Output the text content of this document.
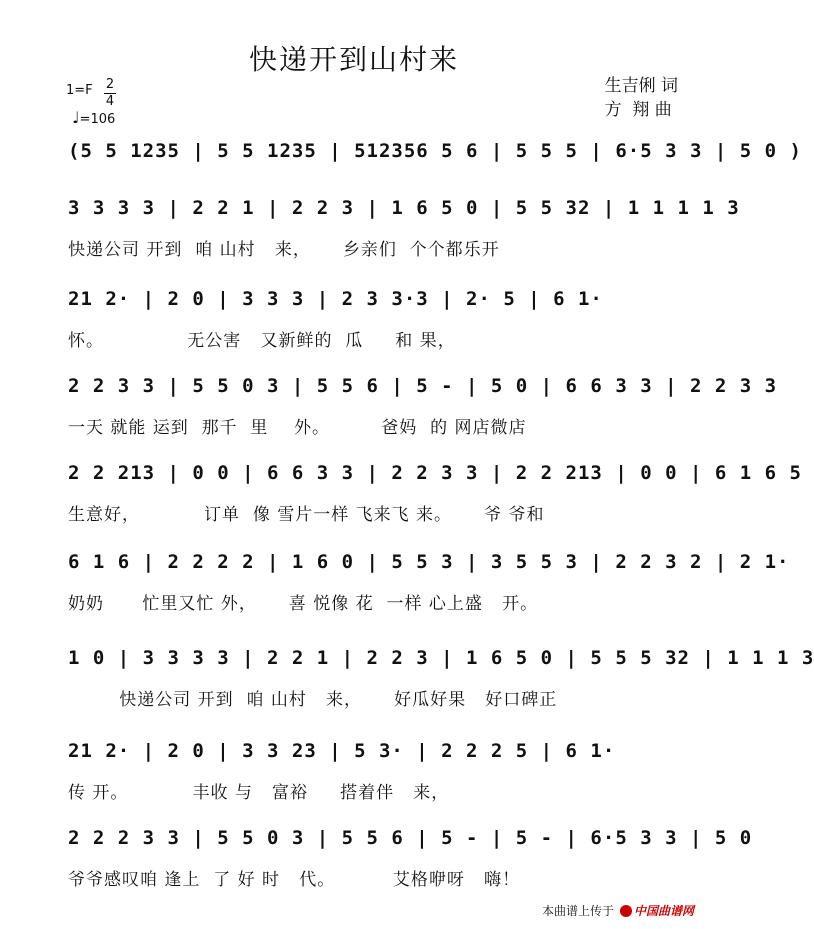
快递开到山村来
生吉俐 词
方  翔 曲
1=F 2
4
♩=106
(5 5 1235 | 5 5 1235 | 512356 5 6 | 5 5 5 | 6·5 3 3 | 5 0 )
3 3 3 3 | 2 2 1 | 2 2 3 | 1 6 5 0 | 5 5 32 | 1 1 1 1 3
快递公司 开到  咱 山村   来，     乡亲们  个个都乐开
21 2· | 2 0 | 3 3 3 | 2 3 3·3 | 2· 5 | 6 1·
怀。             无公害   又新鲜的  瓜     和 果，
2 2 3 3 | 5 5 0 3 | 5 5 6 | 5 - | 5 0 | 6 6 3 3 | 2 2 3 3
一天 就能 运到  那千  里    外。        爸妈  的 网店微店
2 2 213 | 0 0 | 6 6 3 3 | 2 2 3 3 | 2 2 213 | 0 0 | 6 1 6 5
生意好，          订单  像 雪片一样 飞来飞 来。     爷 爷和
6 1 6 | 2 2 2 2 | 1 6 0 | 5 5 3 | 3 5 5 3 | 2 2 3 2 | 2 1·
奶奶      忙里又忙 外，     喜 悦像 花  一样 心上盛   开。
1 0 | 3 3 3 3 | 2 2 1 | 2 2 3 | 1 6 5 0 | 5 5 5 32 | 1 1 1 3
快递公司 开到  咱 山村   来，     好瓜好果   好口碑正
21 2· | 2 0 | 3 3 23 | 5 3· | 2 2 2 5 | 6 1·
传 开。          丰收 与   富裕     搭着伴   来，
2 2 2 3 3 | 5 5 0 3 | 5 5 6 | 5 - | 5 - | 6·5 3 3 | 5 0
爷爷感叹咱 逢上  了 好 时   代。         艾格咿呀   嗨！
本曲谱上传于 中国曲谱网
